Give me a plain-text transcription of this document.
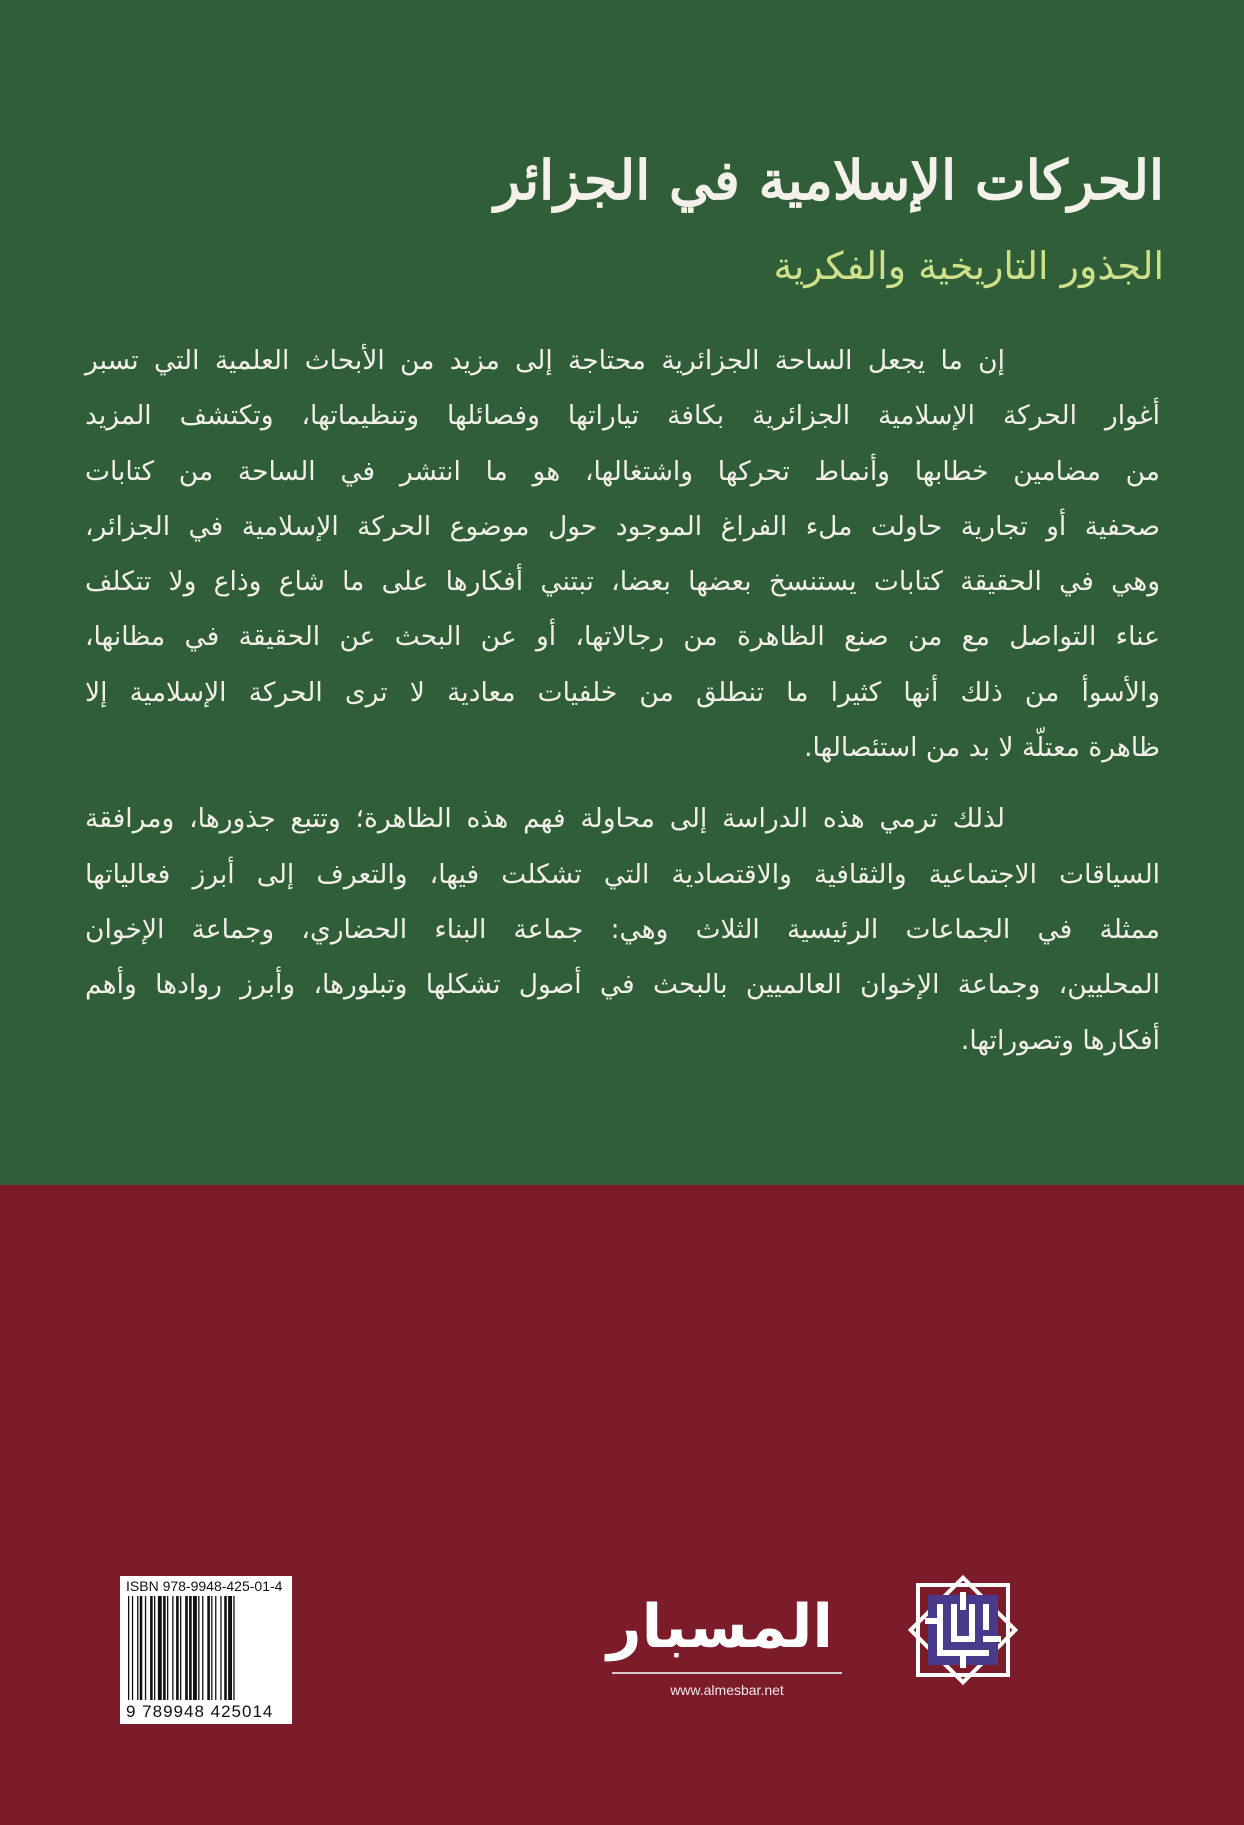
الحركات الإسلامية في الجزائر
الجذور التاريخية والفكرية
إن ما يجعل الساحة الجزائرية محتاجة إلى مزيد من الأبحاث العلمية التي تسبر
أغوار الحركة الإسلامية الجزائرية بكافة تياراتها وفصائلها وتنظيماتها، وتكتشف المزيد
من مضامين خطابها وأنماط تحركها واشتغالها، هو ما انتشر في الساحة من كتابات
صحفية أو تجارية حاولت ملء الفراغ الموجود حول موضوع الحركة الإسلامية في الجزائر،
وهي في الحقيقة كتابات يستنسخ بعضها بعضا، تبتني أفكارها على ما شاع وذاع ولا تتكلف
عناء التواصل مع من صنع الظاهرة من رجالاتها، أو عن البحث عن الحقيقة في مظانها،
والأسوأ من ذلك أنها كثيرا ما تنطلق من خلفيات معادية لا ترى الحركة الإسلامية إلا
ظاهرة معتلّة لا بد من استئصالها.
لذلك ترمي هذه الدراسة إلى محاولة فهم هذه الظاهرة؛ وتتبع جذورها، ومرافقة
السياقات الاجتماعية والثقافية والاقتصادية التي تشكلت فيها، والتعرف إلى أبرز فعالياتها
ممثلة في الجماعات الرئيسية الثلاث وهي: جماعة البناء الحضاري، وجماعة الإخوان
المحليين، وجماعة الإخوان العالميين بالبحث في أصول تشكلها وتبلورها، وأبرز روادها وأهم
أفكارها وتصوراتها.
ISBN 978-9948-425-01-4
9 789948 425014
المسبار
www.almesbar.net
